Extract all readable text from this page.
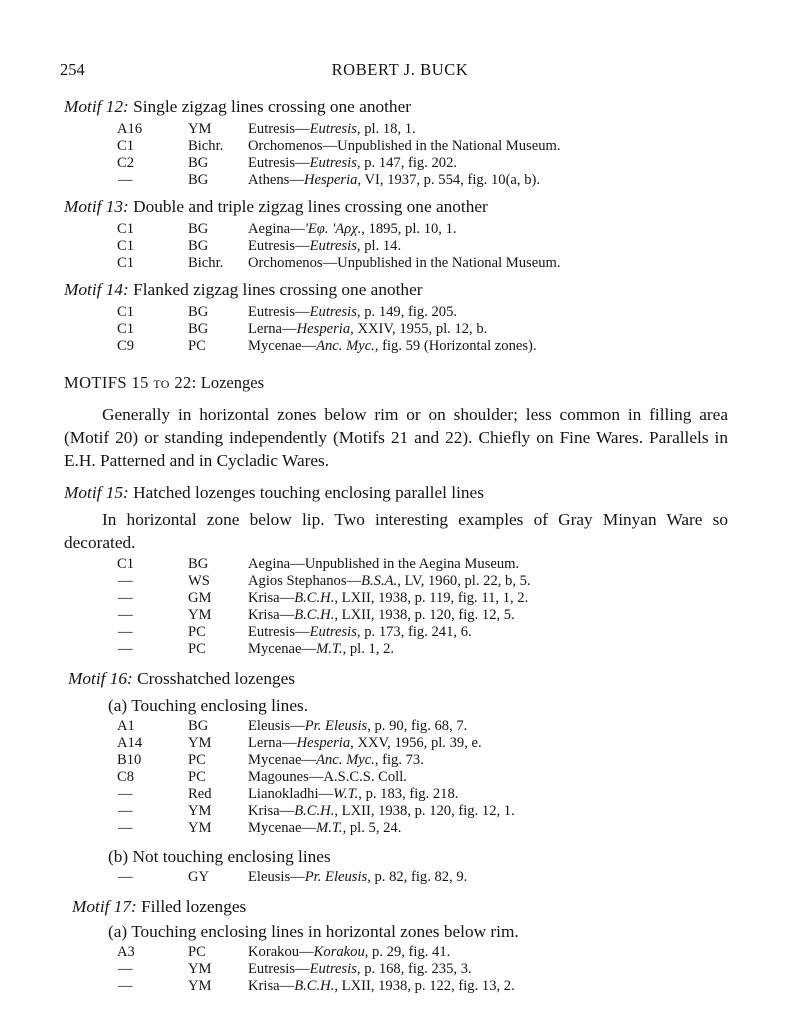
254	ROBERT J. BUCK
Motif 12: Single zigzag lines crossing one another
A16	YM Eutresis—Eutresis, pl. 18, 1.
C1	Bichr. Orchomenos—Unpublished in the National Museum.
C2	BG	Eutresis—Eutresis, p. 147, fig. 202.
—	BG	Athens—Hesperia, VI, 1937, p. 554, fig. 10(a, b).
Motif 13: Double and triple zigzag lines crossing one another
C1	BG	Aegina—'Εφ. 'Αρχ., 1895, pl. 10, 1.
C1	BG	Eutresis—Eutresis, pl. 14.
C1	Bichr. Orchomenos—Unpublished in the National Museum.
Motif 14: Flanked zigzag lines crossing one another
C1	BG	Eutresis—Eutresis, p. 149, fig. 205.
C1	BG	Lerna—Hesperia, XXIV, 1955, pl. 12, b.
C9	PC	Mycenae—Anc. Myc., fig. 59 (Horizontal zones).
MOTIFS 15 to 22: Lozenges

Generally in horizontal zones below rim or on shoulder; less common in filling area (Motif 20) or standing independently (Motifs 21 and 22). Chiefly on Fine Wares. Parallels in E.H. Patterned and in Cycladic Wares.

Motif 15: Hatched lozenges touching enclosing parallel lines

In horizontal zone below lip. Two interesting examples of Gray Minyan Ware so decorated.

C1	BG	Aegina—Unpublished in the Aegina Museum.
—	WS	Agios Stephanos—B.S.A., LV, 1960, pl. 22, b, 5.
—	GM Krisa—B.C.H., LXII, 1938, p. 119, fig. 11, 1, 2.
—	YM Krisa—B.C.H., LXII, 1938, p. 120, fig. 12, 5.
—	PC	Eutresis—Eutresis, p. 173, fig. 241, 6.
—	PC	Mycenae—M.T., pl. 1, 2.
Motif 16: Crosshatched lozenges
(a) Touching enclosing lines.
A1	BG	Eleusis—Pr. Eleusis, p. 90, fig. 68, 7.
A14	YM Lerna—Hesperia, XXV, 1956, pl. 39, e.
B10	PC	Mycenae—Anc. Myc., fig. 73.
C8	PC	Magounes—A.S.C.S. Coll.
—	Red Lianokladhi—W.T., p. 183, fig. 218.
—	YM Krisa—B.C.H., LXII, 1938, p. 120, fig. 12, 1.
—	YM Mycenae—M.T., pl. 5, 24.
(b) Not touching enclosing lines
—	GY	Eleusis—Pr. Eleusis, p. 82, fig. 82, 9.
Motif 17: Filled lozenges
(a) Touching enclosing lines in horizontal zones below rim.
A3	PC	Korakou—Korakou, p. 29, fig. 41.
—	YM Eutresis—Eutresis, p. 168, fig. 235, 3.
—	YM Krisa—B.C.H., LXII, 1938, p. 122, fig. 13, 2.
